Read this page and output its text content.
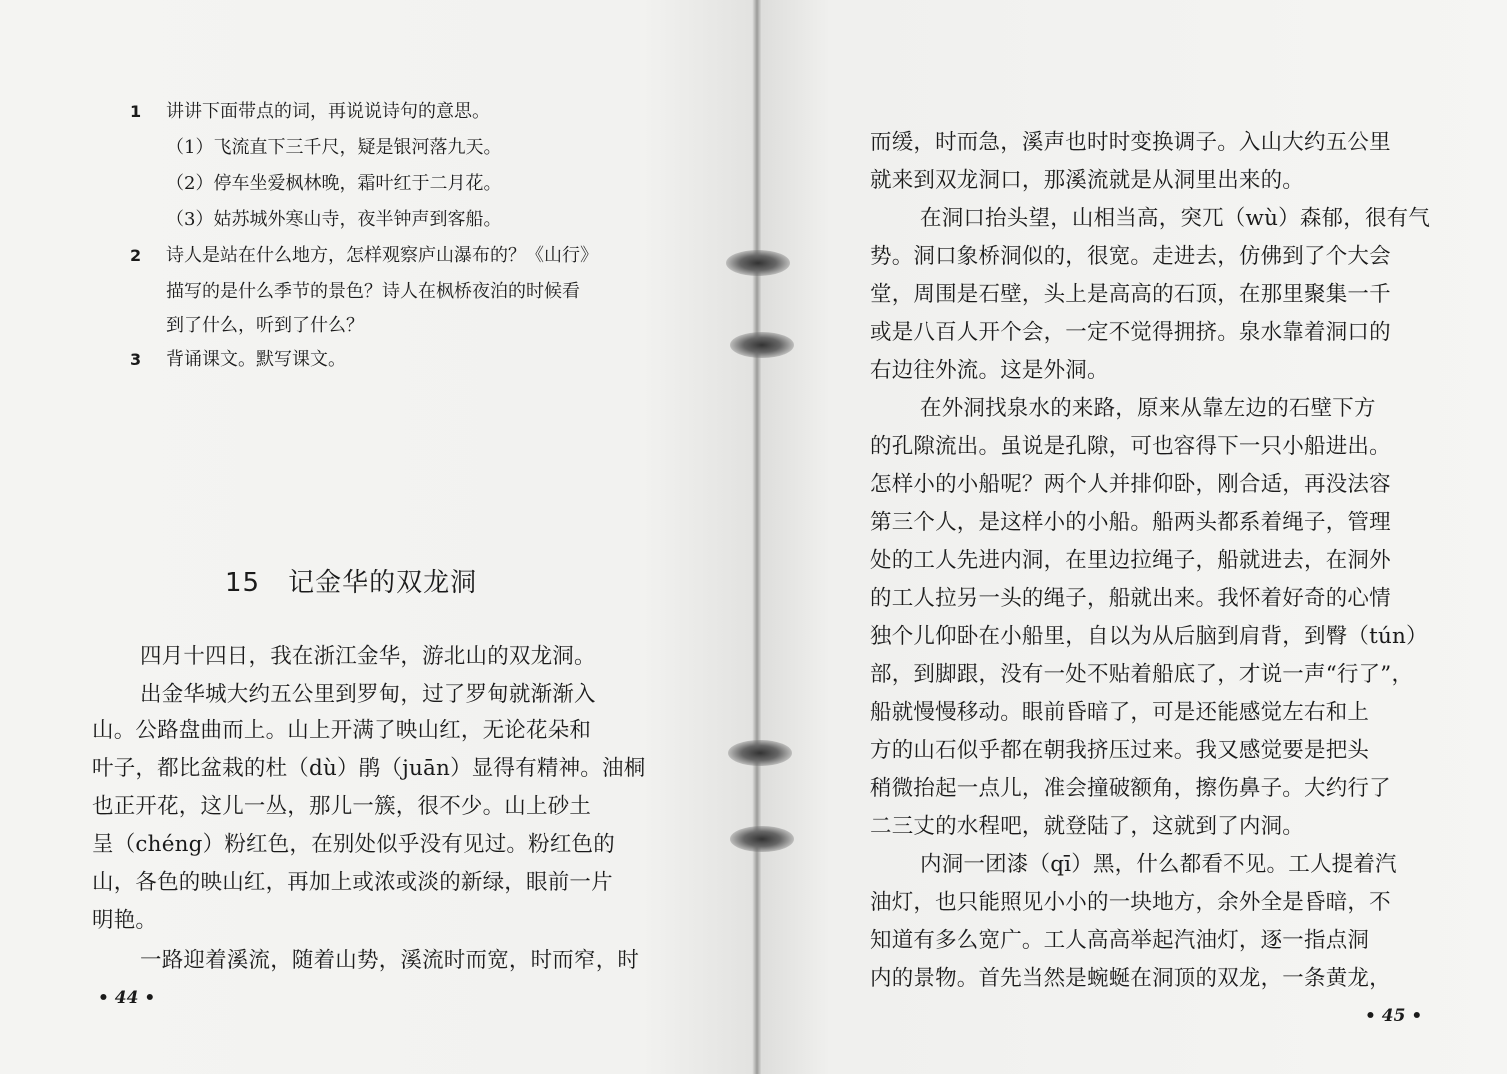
1 讲讲下面带点的词，再说说诗句的意思。
（1）飞流直下三千尺，疑是银河落九天。
（2）停车坐爱枫林晚，霜叶红于二月花。
（3）姑苏城外寒山寺，夜半钟声到客船。
2 诗人是站在什么地方，怎样观察庐山瀑布的？《山行》
描写的是什么季节的景色？诗人在枫桥夜泊的时候看
到了什么，听到了什么？
3 背诵课文。默写课文。
15 记金华的双龙洞
四月十四日，我在浙江金华，游北山的双龙洞。
出金华城大约五公里到罗甸，过了罗甸就渐渐入
山。公路盘曲而上。山上开满了映山红，无论花朵和
叶子，都比盆栽的杜（dù）鹃（juān）显得有精神。油桐
也正开花，这儿一丛，那儿一簇，很不少。山上砂土
呈（chéng）粉红色，在别处似乎没有见过。粉红色的
山，各色的映山红，再加上或浓或淡的新绿，眼前一片
明艳。
一路迎着溪流，随着山势，溪流时而宽，时而窄，时
• 44 •
而缓，时而急，溪声也时时变换调子。入山大约五公里
就来到双龙洞口，那溪流就是从洞里出来的。
在洞口抬头望，山相当高，突兀（wù）森郁，很有气
势。洞口象桥洞似的，很宽。走进去，仿佛到了个大会
堂，周围是石壁，头上是高高的石顶，在那里聚集一千
或是八百人开个会，一定不觉得拥挤。泉水靠着洞口的
右边往外流。这是外洞。
在外洞找泉水的来路，原来从靠左边的石壁下方
的孔隙流出。虽说是孔隙，可也容得下一只小船进出。
怎样小的小船呢？两个人并排仰卧，刚合适，再没法容
第三个人，是这样小的小船。船两头都系着绳子，管理
处的工人先进内洞，在里边拉绳子，船就进去，在洞外
的工人拉另一头的绳子，船就出来。我怀着好奇的心情
独个儿仰卧在小船里，自以为从后脑到肩背，到臀（tún）
部，到脚跟，没有一处不贴着船底了，才说一声“行了”，
船就慢慢移动。眼前昏暗了，可是还能感觉左右和上
方的山石似乎都在朝我挤压过来。我又感觉要是把头
稍微抬起一点儿，准会撞破额角，擦伤鼻子。大约行了
二三丈的水程吧，就登陆了，这就到了内洞。
内洞一团漆（qī）黑，什么都看不见。工人提着汽
油灯，也只能照见小小的一块地方，余外全是昏暗，不
知道有多么宽广。工人高高举起汽油灯，逐一指点洞
内的景物。首先当然是蜿蜒在洞顶的双龙，一条黄龙，
• 45 •
